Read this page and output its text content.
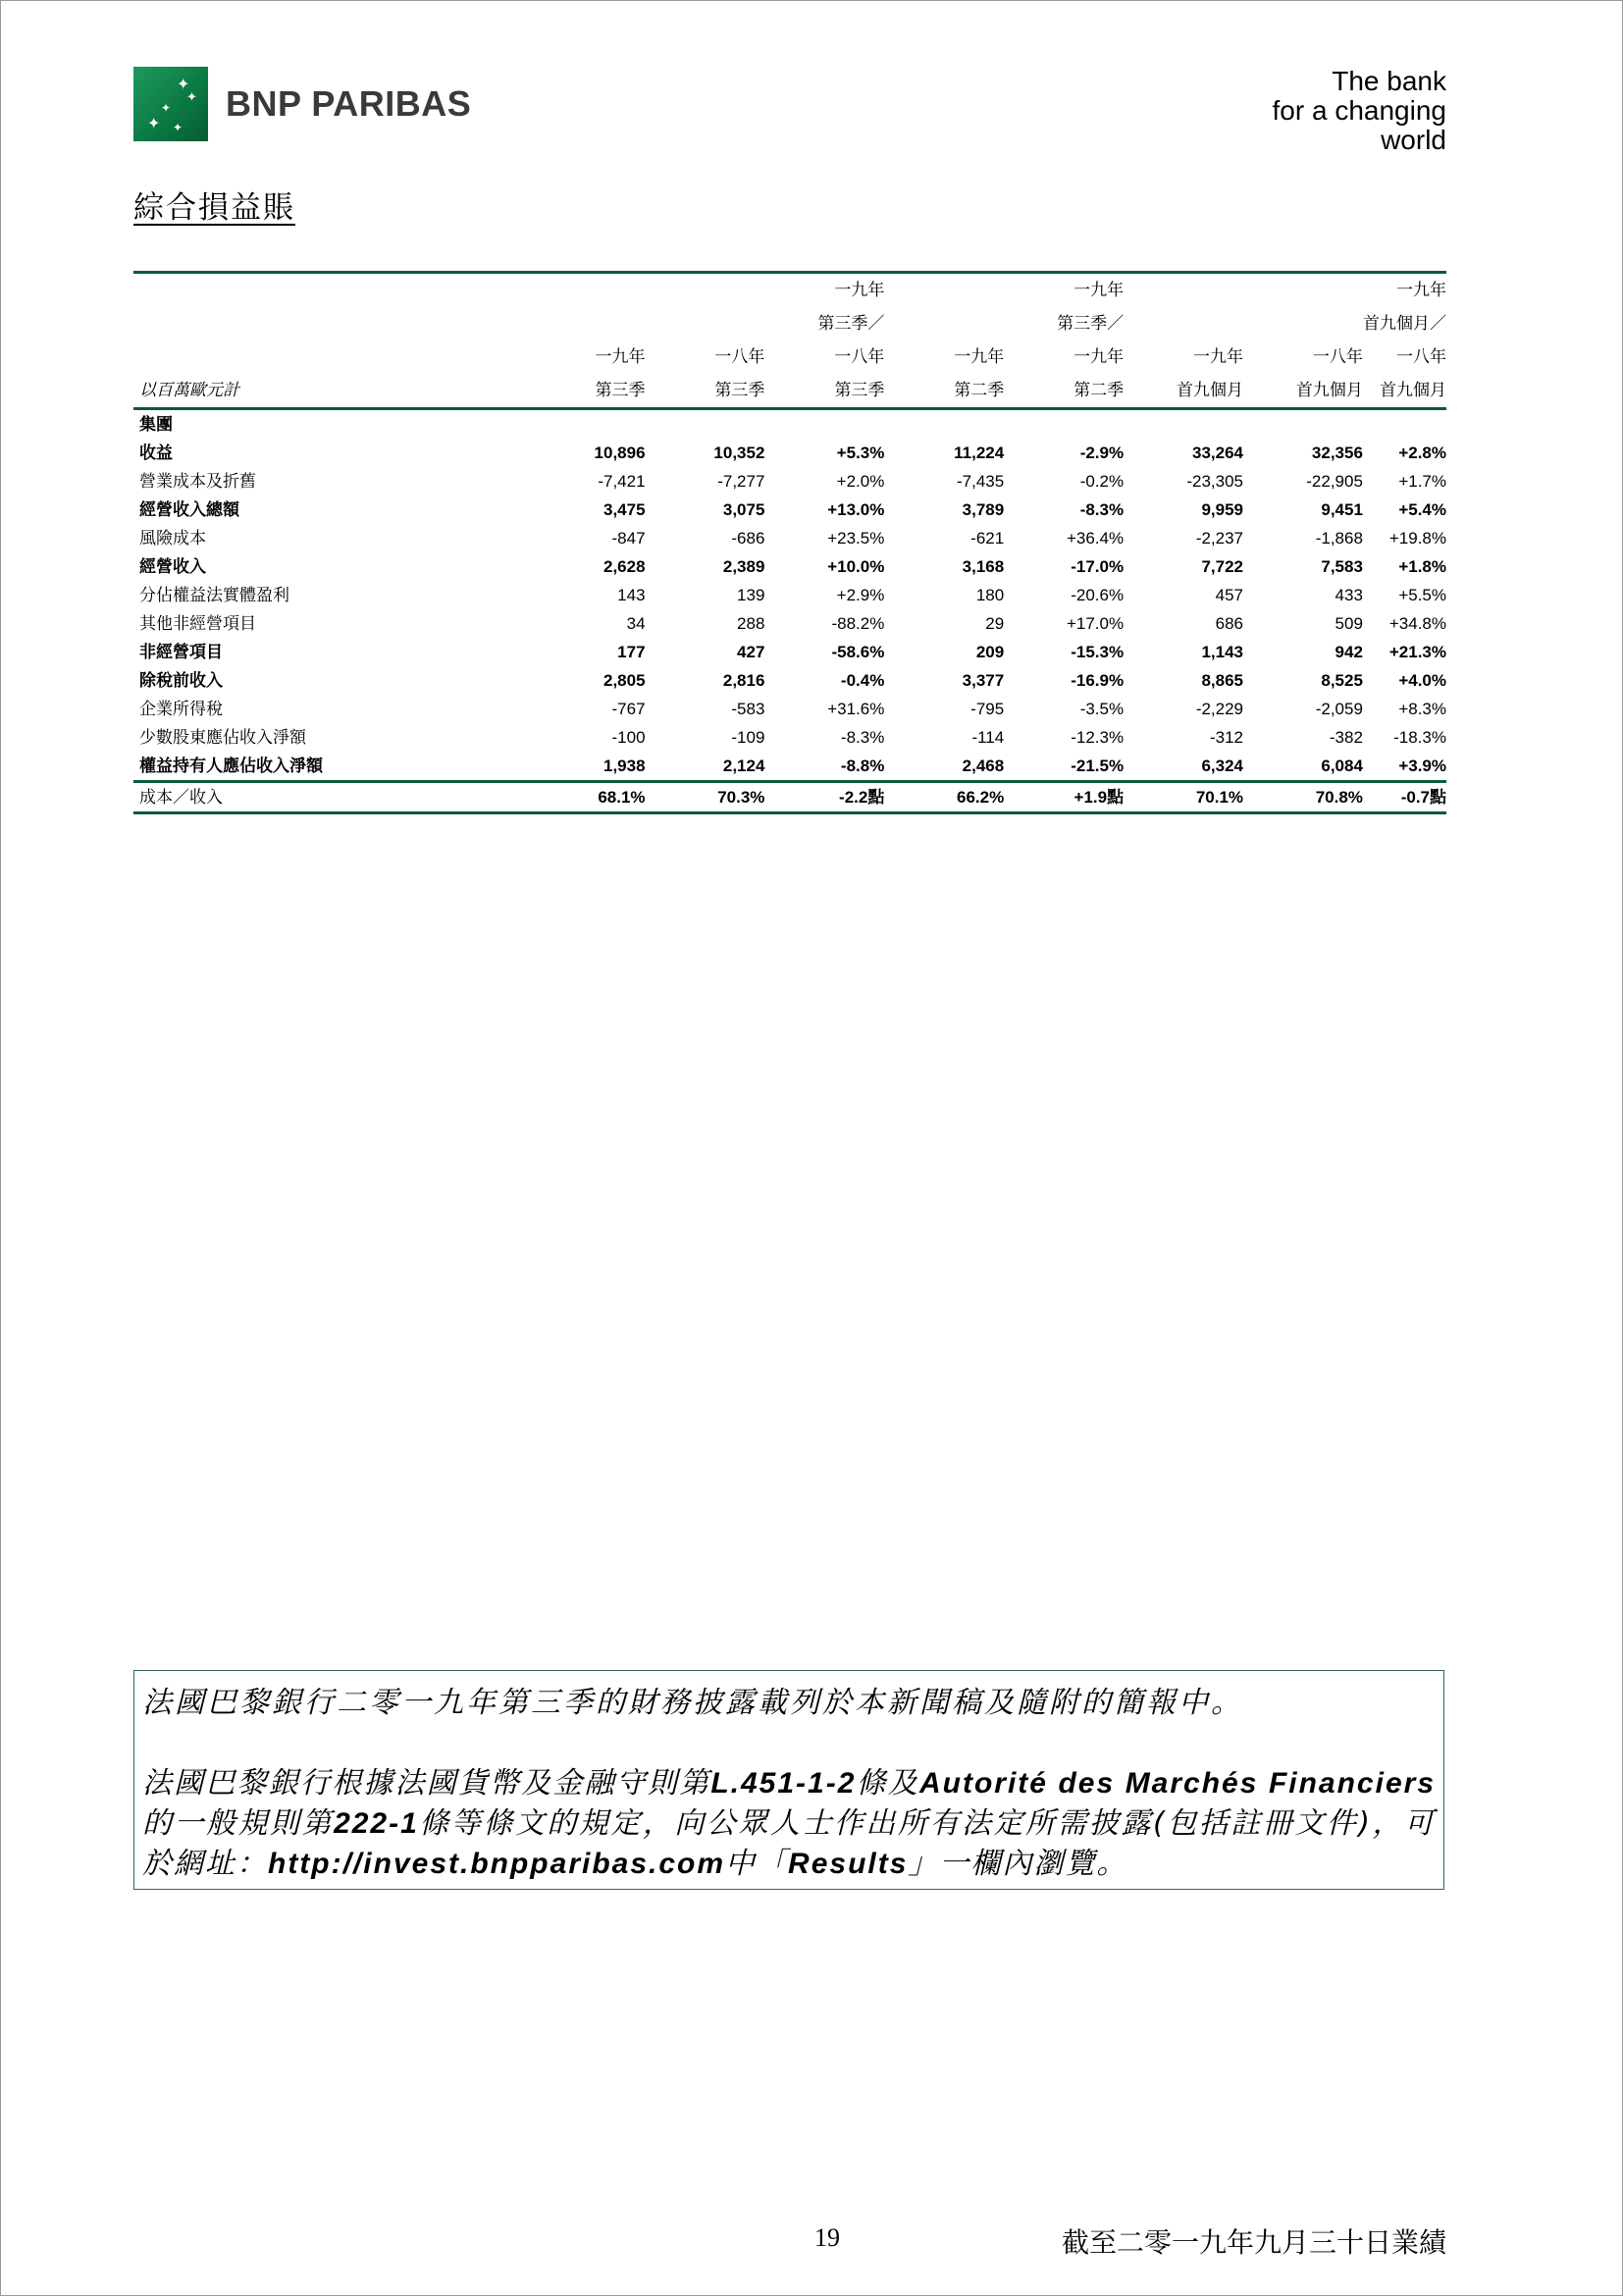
✦
✦
✦
✦ ✦
BNP PARIBAS
The bank
for a changing
world
綜合損益賬
			一九年		一九年			一九年
			第三季／		第三季／			首九個月／
	一九年	一八年	一八年	一九年	一九年	一九年	一八年	一八年
以百萬歐元計	第三季	第三季	第三季	第二季	第二季	首九個月	首九個月	首九個月
集團								
收益	10,896	10,352	+5.3%	11,224	-2.9%	33,264	32,356	+2.8%
營業成本及折舊	-7,421	-7,277	+2.0%	-7,435	-0.2%	-23,305	-22,905	+1.7%
經營收入總額	3,475	3,075	+13.0%	3,789	-8.3%	9,959	9,451	+5.4%
風險成本	-847	-686	+23.5%	-621	+36.4%	-2,237	-1,868	+19.8%
經營收入	2,628	2,389	+10.0%	3,168	-17.0%	7,722	7,583	+1.8%
分佔權益法實體盈利	143	139	+2.9%	180	-20.6%	457	433	+5.5%
其他非經營項目	34	288	-88.2%	29	+17.0%	686	509	+34.8%
非經營項目	177	427	-58.6%	209	-15.3%	1,143	942	+21.3%
除稅前收入	2,805	2,816	-0.4%	3,377	-16.9%	8,865	8,525	+4.0%
企業所得稅	-767	-583	+31.6%	-795	-3.5%	-2,229	-2,059	+8.3%
少數股東應佔收入淨額	-100	-109	-8.3%	-114	-12.3%	-312	-382	-18.3%
權益持有人應佔收入淨額	1,938	2,124	-8.8%	2,468	-21.5%	6,324	6,084	+3.9%
成本／收入	68.1%	70.3%	-2.2點	66.2%	+1.9點	70.1%	70.8%	-0.7點

法國巴黎銀行二零一九年第三季的財務披露載列於本新聞稿及隨附的簡報中。

法國巴黎銀行根據法國貨幣及金融守則第L.451-1-2條及Autorité des Marchés Financiers的一般規則第222-1條等條文的規定，向公眾人士作出所有法定所需披露(包括註冊文件)，可於網址：http://invest.bnpparibas.com中「Results」一欄內瀏覽。

19	截至二零一九年九月三十日業績
